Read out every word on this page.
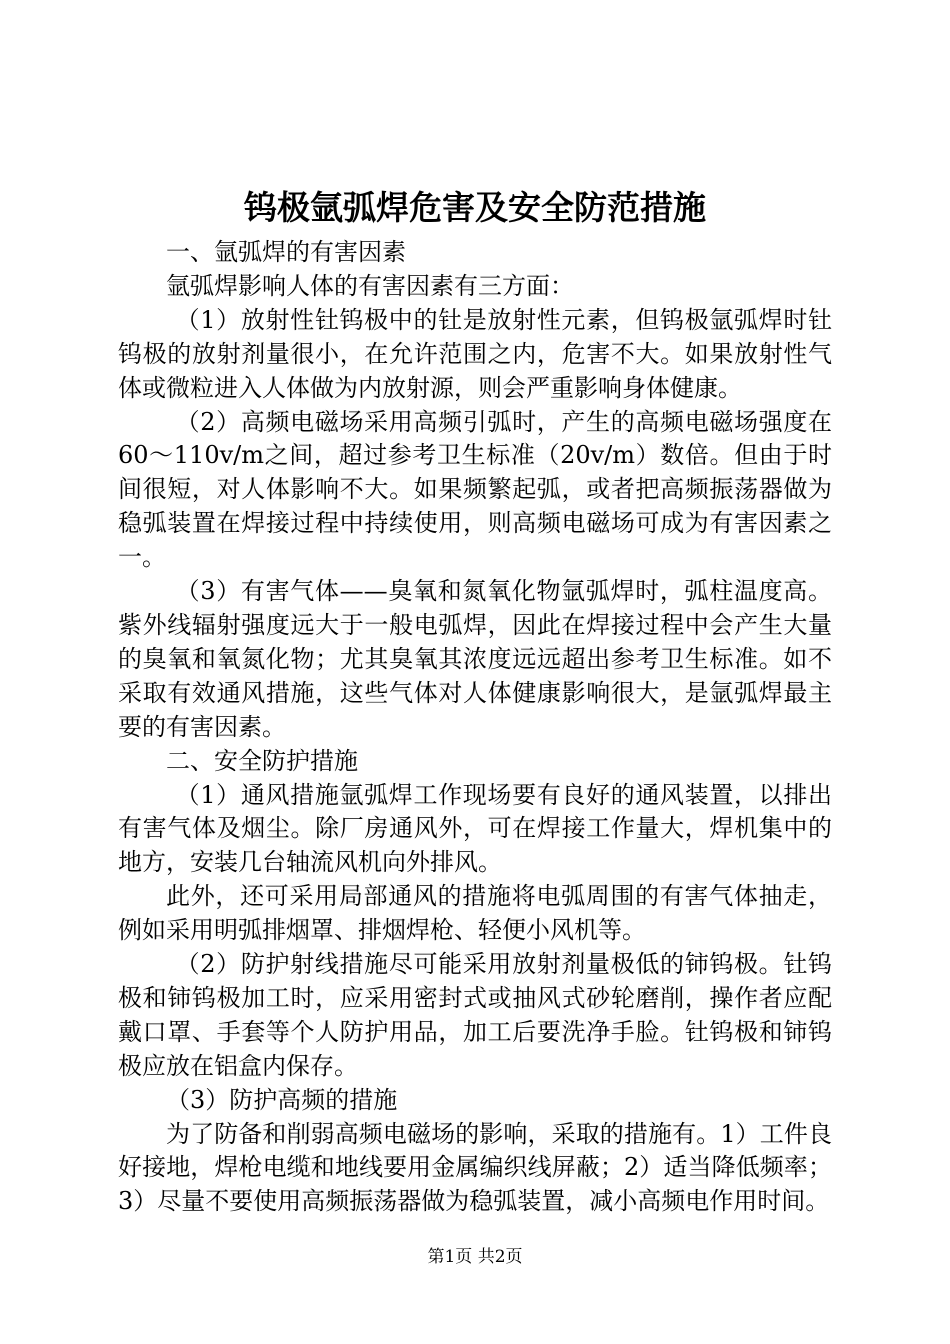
钨极氩弧焊危害及安全防范措施

一、氩弧焊的有害因素

氩弧焊影响人体的有害因素有三方面：

（1）放射性钍钨极中的钍是放射性元素，但钨极氩弧焊时钍钨极的放射剂量很小，在允许范围之内，危害不大。如果放射性气体或微粒进入人体做为内放射源，则会严重影响身体健康。

（2）高频电磁场采用高频引弧时，产生的高频电磁场强度在60～110v/m之间，超过参考卫生标准（20v/m）数倍。但由于时间很短，对人体影响不大。如果频繁起弧，或者把高频振荡器做为稳弧装置在焊接过程中持续使用，则高频电磁场可成为有害因素之一。

（3）有害气体——臭氧和氮氧化物氩弧焊时，弧柱温度高。紫外线辐射强度远大于一般电弧焊，因此在焊接过程中会产生大量的臭氧和氧氮化物；尤其臭氧其浓度远远超出参考卫生标准。如不采取有效通风措施，这些气体对人体健康影响很大，是氩弧焊最主要的有害因素。

二、安全防护措施

（1）通风措施氩弧焊工作现场要有良好的通风装置，以排出有害气体及烟尘。除厂房通风外，可在焊接工作量大，焊机集中的地方，安装几台轴流风机向外排风。

此外，还可采用局部通风的措施将电弧周围的有害气体抽走，例如采用明弧排烟罩、排烟焊枪、轻便小风机等。

（2）防护射线措施尽可能采用放射剂量极低的铈钨极。钍钨极和铈钨极加工时，应采用密封式或抽风式砂轮磨削，操作者应配戴口罩、手套等个人防护用品，加工后要洗净手脸。钍钨极和铈钨极应放在铝盒内保存。

（3）防护高频的措施

为了防备和削弱高频电磁场的影响，采取的措施有。1）工件良好接地，焊枪电缆和地线要用金属编织线屏蔽；2）适当降低频率；3）尽量不要使用高频振荡器做为稳弧装置，减小高频电作用时间。

第1页 共2页
